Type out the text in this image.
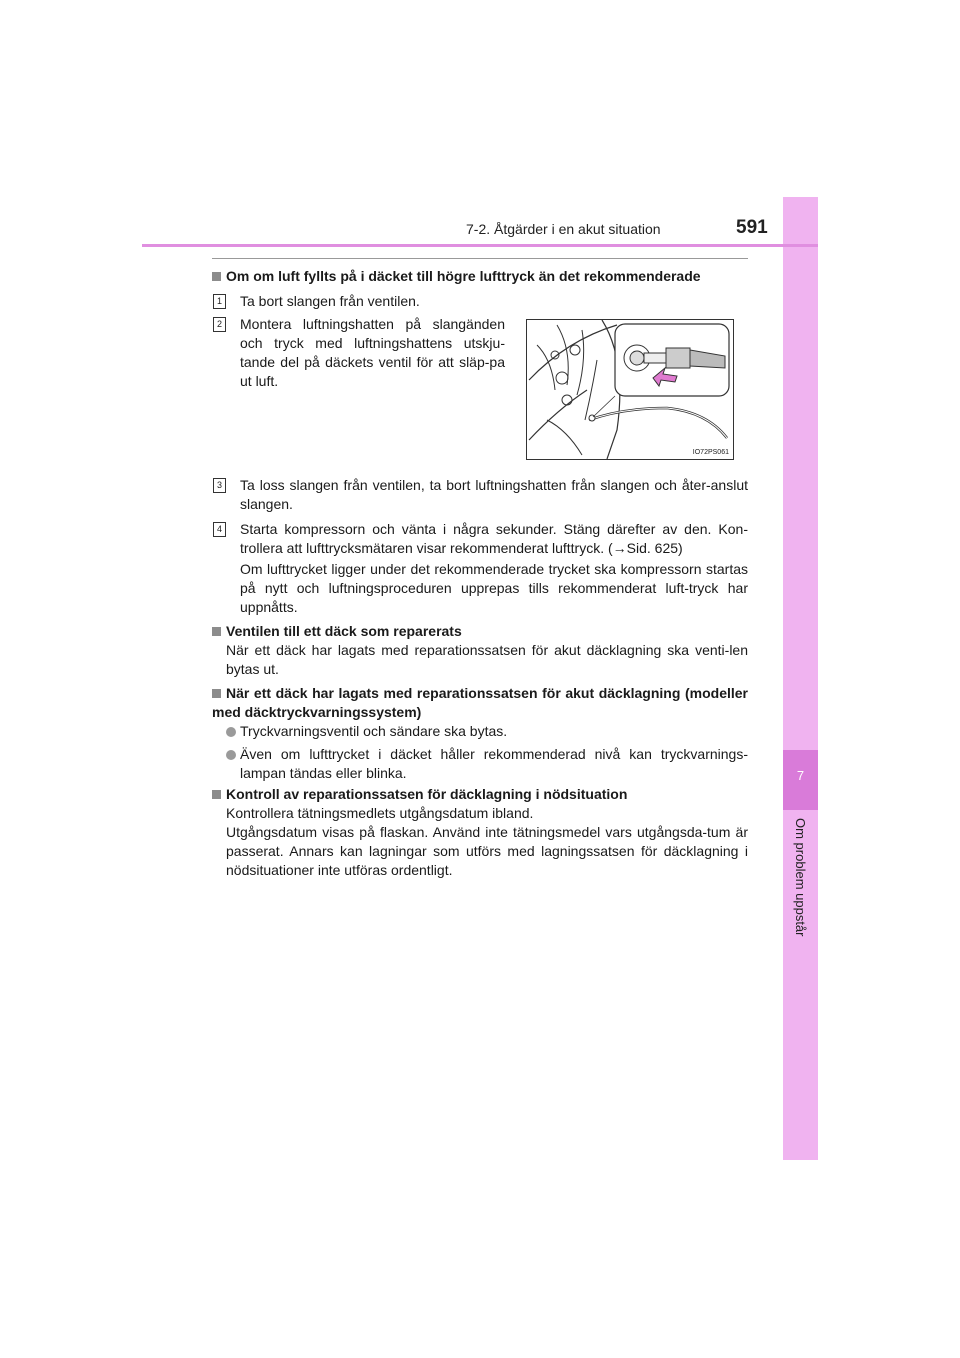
7
Om problem uppstår
7-2. Åtgärder i en akut situation	591
Om om luft fyllts på i däcket till högre lufttryck än det rekommenderade
1 Ta bort slangen från ventilen.
2 Montera luftningshatten på slangänden och tryck med luftningshattens utskju-tande del på däckets ventil för att släp-pa ut luft.
IO72PS061
3 Ta loss slangen från ventilen, ta bort luftningshatten från slangen och åter-anslut slangen.
4 Starta kompressorn och vänta i några sekunder. Stäng därefter av den. Kon-trollera att lufttrycksmätaren visar rekommenderat lufttryck. (→Sid. 625)
Om lufttrycket ligger under det rekommenderade trycket ska kompressorn startas på nytt och luftningsproceduren upprepas tills rekommenderat luft-tryck har uppnåtts.
Ventilen till ett däck som reparerats
När ett däck har lagats med reparationssatsen för akut däcklagning ska venti-len bytas ut.
När ett däck har lagats med reparationssatsen för akut däcklagning (modeller med däcktryckvarningssystem)
Tryckvarningsventil och sändare ska bytas.
Även om lufttrycket i däcket håller rekommenderad nivå kan tryckvarnings-lampan tändas eller blinka.
Kontroll av reparationssatsen för däcklagning i nödsituation
Kontrollera tätningsmedlets utgångsdatum ibland.
Utgångsdatum visas på flaskan. Använd inte tätningsmedel vars utgångsda-tum är passerat. Annars kan lagningar som utförs med lagningssatsen för däcklagning i nödsituationer inte utföras ordentligt.
